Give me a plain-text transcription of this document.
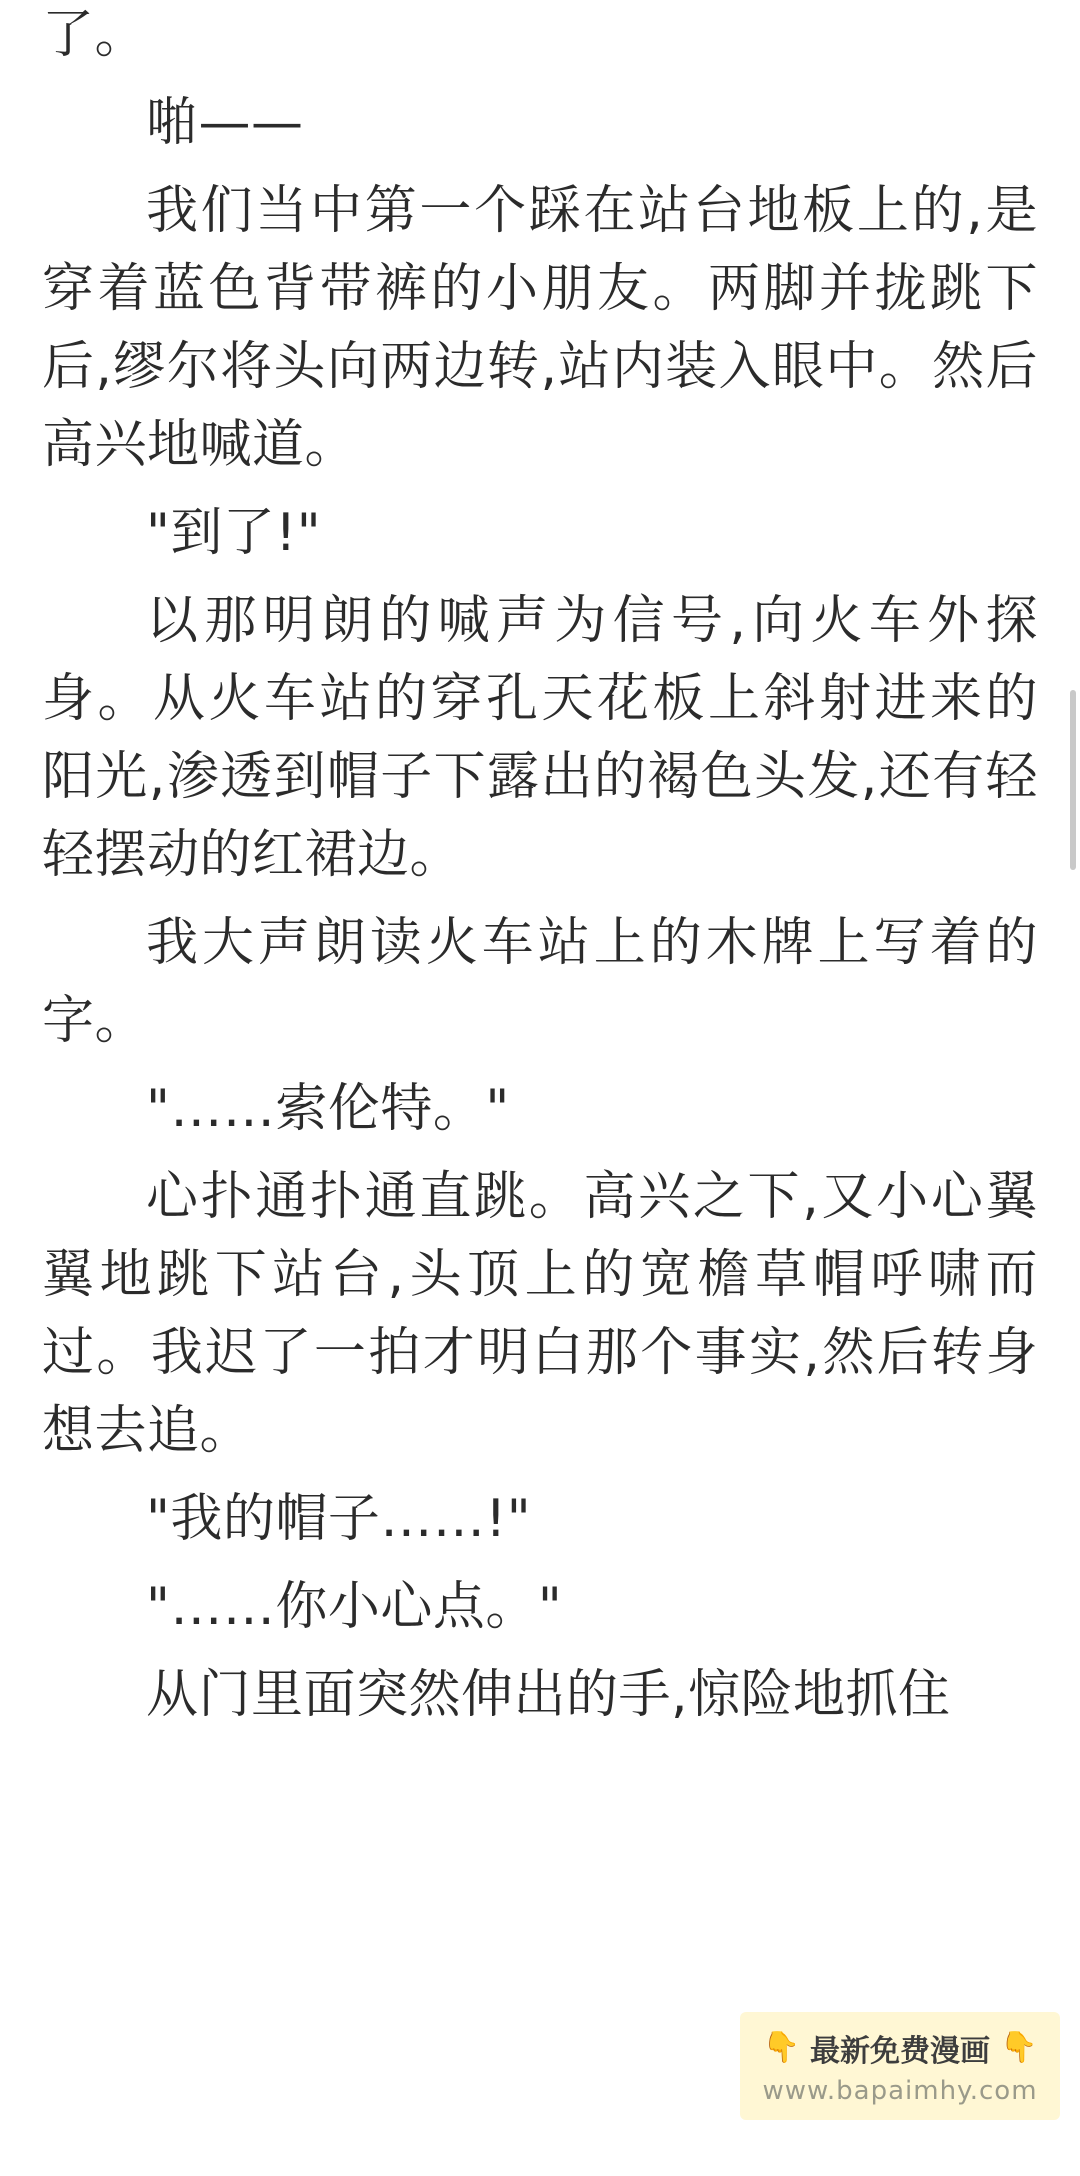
了。

啪——

我们当中第一个踩在站台地板上的,是穿着蓝色背带裤的小朋友。两脚并拢跳下后,缪尔将头向两边转,站内装入眼中。然后高兴地喊道。

"到了!"

以那明朗的喊声为信号,向火车外探身。从火车站的穿孔天花板上斜射进来的阳光,渗透到帽子下露出的褐色头发,还有轻轻摆动的红裙边。

我大声朗读火车站上的木牌上写着的字。

"……索伦特。"

心扑通扑通直跳。高兴之下,又小心翼翼地跳下站台,头顶上的宽檐草帽呼啸而过。我迟了一拍才明白那个事实,然后转身想去追。

"我的帽子……!"

"……你小心点。"

从门里面突然伸出的手,惊险地抓住

👇 最新免费漫画 👇
www.bapaimhy.com
